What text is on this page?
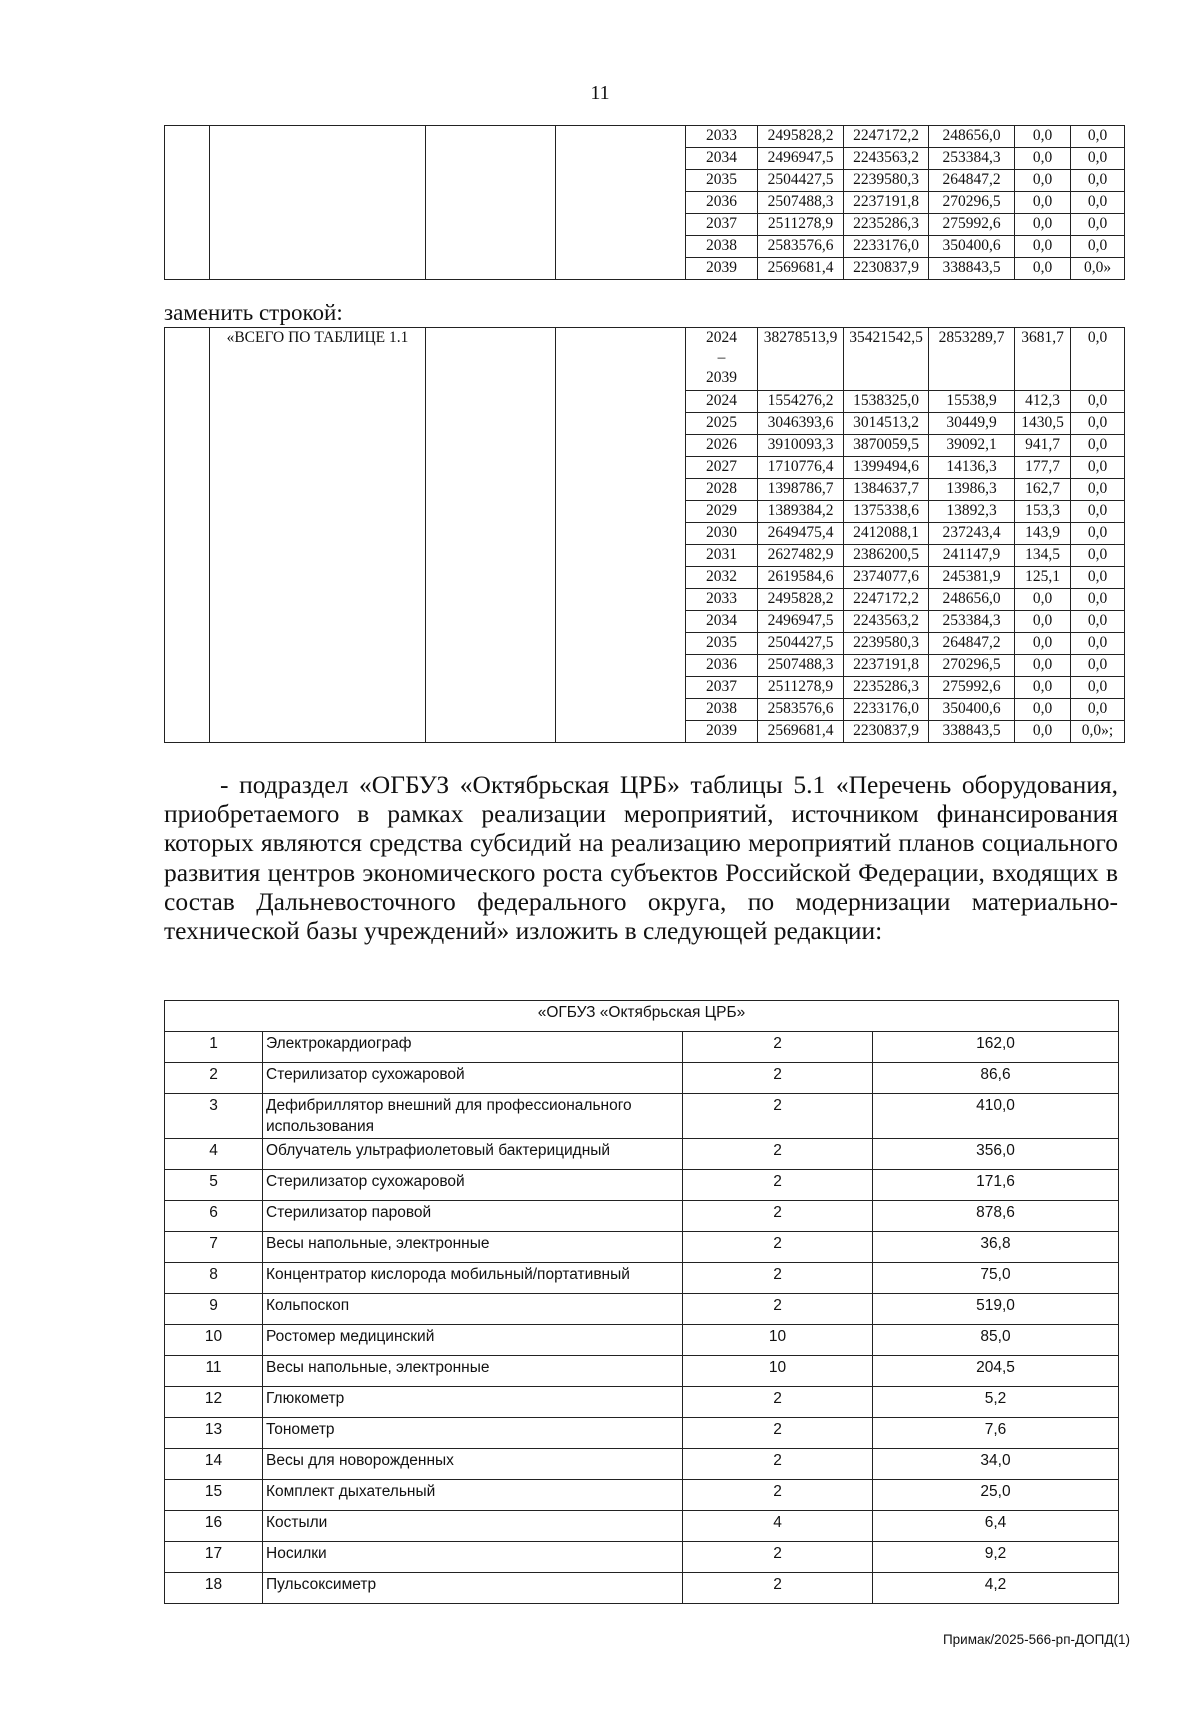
11
				2033	2495828,2	2247172,2	248656,0	0,0	0,0
				2034	2496947,5	2243563,2	253384,3	0,0	0,0
				2035	2504427,5	2239580,3	264847,2	0,0	0,0
				2036	2507488,3	2237191,8	270296,5	0,0	0,0
				2037	2511278,9	2235286,3	275992,6	0,0	0,0
				2038	2583576,6	2233176,0	350400,6	0,0	0,0
				2039	2569681,4	2230837,9	338843,5	0,0	0,0»
заменить строкой:
	«ВСЕГО ПО ТАБЛИЦЕ 1.1			2024
–
2039	38278513,9	35421542,5	2853289,7	3681,7	0,0
				2024	1554276,2	1538325,0	15538,9	412,3	0,0
				2025	3046393,6	3014513,2	30449,9	1430,5	0,0
				2026	3910093,3	3870059,5	39092,1	941,7	0,0
				2027	1710776,4	1399494,6	14136,3	177,7	0,0
				2028	1398786,7	1384637,7	13986,3	162,7	0,0
				2029	1389384,2	1375338,6	13892,3	153,3	0,0
				2030	2649475,4	2412088,1	237243,4	143,9	0,0
				2031	2627482,9	2386200,5	241147,9	134,5	0,0
				2032	2619584,6	2374077,6	245381,9	125,1	0,0
				2033	2495828,2	2247172,2	248656,0	0,0	0,0
				2034	2496947,5	2243563,2	253384,3	0,0	0,0
				2035	2504427,5	2239580,3	264847,2	0,0	0,0
				2036	2507488,3	2237191,8	270296,5	0,0	0,0
				2037	2511278,9	2235286,3	275992,6	0,0	0,0
				2038	2583576,6	2233176,0	350400,6	0,0	0,0
				2039	2569681,4	2230837,9	338843,5	0,0	0,0»;
- подраздел «ОГБУЗ «Октябрьская ЦРБ» таблицы 5.1 «Перечень оборудования, приобретаемого в рамках реализации мероприятий, источником финансирования которых являются средства субсидий на реализацию мероприятий планов социального развития центров экономического роста субъектов Российской Федерации, входящих в состав Дальневосточного федерального округа, по модернизации материально-технической базы учреждений» изложить в следующей редакции:
«ОГБУЗ «Октябрьская ЦРБ»			
1	Электрокардиограф	2	162,0
2	Стерилизатор сухожаровой	2	86,6
3	Дефибриллятор внешний для профессионального использования	2	410,0
4	Облучатель ультрафиолетовый бактерицидный	2	356,0
5	Стерилизатор сухожаровой	2	171,6
6	Стерилизатор паровой	2	878,6
7	Весы напольные, электронные	2	36,8
8	Концентратор кислорода мобильный/портативный	2	75,0
9	Кольпоскоп	2	519,0
10	Ростомер медицинский	10	85,0
11	Весы напольные, электронные	10	204,5
12	Глюкометр	2	5,2
13	Тонометр	2	7,6
14	Весы для новорожденных	2	34,0
15	Комплект дыхательный	2	25,0
16	Костыли	4	6,4
17	Носилки	2	9,2
18	Пульсоксиметр	2	4,2
Примак/2025-566-рп-ДОПД(1)
